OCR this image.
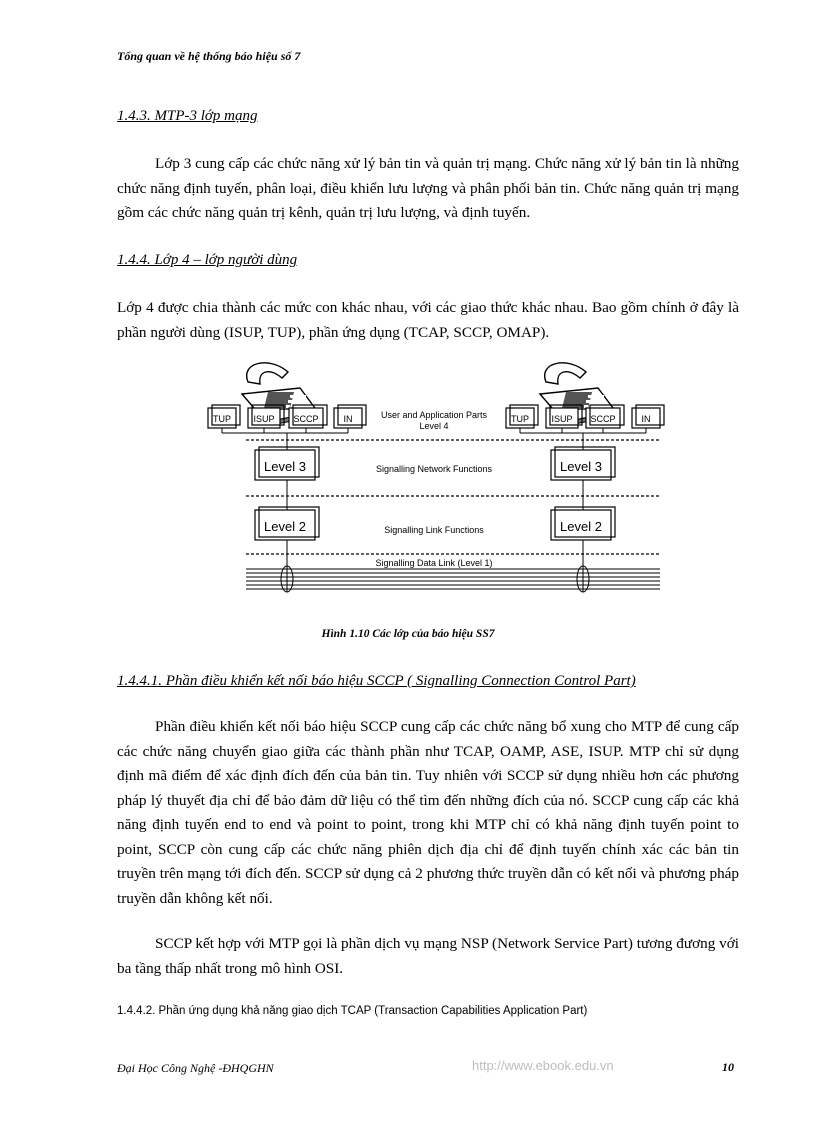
Tổng quan về hệ thống báo hiệu số 7
1.4.3. MTP-3 lớp mạng
Lớp 3 cung cấp các chức năng xử lý bản tin và quản trị mạng. Chức năng xử lý bản tin là những chức năng định tuyến, phân loại, điều khiển lưu lượng và phân phối bản tin. Chức năng quản trị mạng gồm các chức năng quản trị kênh, quản trị lưu lượng, và định tuyến.
1.4.4. Lớp 4 – lớp người dùng
Lớp 4 được chia thành các mức con khác nhau, với các giao thức khác nhau. Bao gồm chính ở đây là phần người dùng (ISUP, TUP), phần ứng dụng (TCAP, SCCP, OMAP).
TUP ISUP SCCP	IN	TUP ISUP SCCP	IN
User and Application Parts
Level 4
Level 3	Level 3
Signalling Network Functions
Level 2	Level 2
Signalling Link Functions
Signalling Data Link (Level 1)
Hình 1.10 Các lớp của báo hiệu SS7
1.4.4.1. Phần điều khiển kết nối báo hiệu SCCP ( Signalling Connection Control Part)
Phần điều khiển kết nối báo hiệu SCCP cung cấp các chức năng bổ xung cho MTP để cung cấp các chức năng chuyển giao giữa các thành phần như TCAP, OAMP, ASE, ISUP. MTP chỉ sử dụng định mã điểm để xác định đích đến của bản tin. Tuy nhiên với SCCP sử dụng nhiều hơn các phương pháp lý thuyết địa chỉ để bảo đảm dữ liệu có thể tìm đến những đích của nó. SCCP cung cấp các khả năng định tuyến end to end và point to point, trong khi MTP chỉ có khả năng định tuyến point to point, SCCP còn cung cấp các chức năng phiên dịch địa chỉ để định tuyến chính xác các bản tin truyền trên mạng tới đích đến. SCCP sử dụng cả 2 phương thức truyền dẫn có kết nối và phương pháp truyền dẫn không kết nối.
SCCP kết hợp với MTP gọi là phần dịch vụ mạng NSP (Network Service Part) tương đương với ba tầng thấp nhất trong mô hình OSI.
1.4.4.2. Phần ứng dụng khả năng giao dịch TCAP (Transaction Capabilities Application Part)
Đại Học Công Nghệ -ĐHQGHN	http://www.ebook.edu.vn	10
